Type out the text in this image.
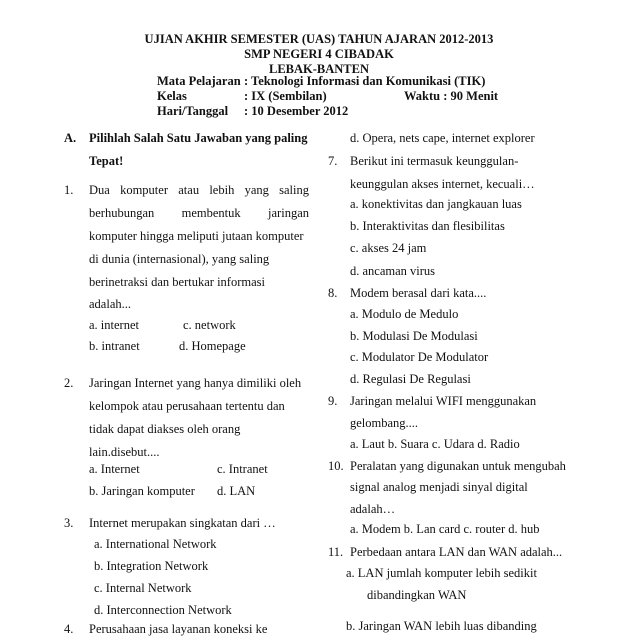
UJIAN AKHIR SEMESTER (UAS) TAHUN AJARAN 2012-2013
SMP NEGERI 4 CIBADAK
LEBAK-BANTEN
Mata Pelajaran : Teknologi Informasi dan Komunikasi (TIK)
Kelas	: IX (Sembilan)	Waktu : 90 Menit
Hari/Tanggal : 10 Desember 2012
A. Pilihlah Salah Satu Jawaban yang paling
Tepat!
1. Dua komputer atau lebih yang saling
berhubungan membentuk jaringan
komputer hingga meliputi jutaan komputer
di dunia (internasional), yang saling
berinetraksi dan bertukar informasi
adalah...
a. internet	c. network
b. intranet	d. Homepage
2. Jaringan Internet yang hanya dimiliki oleh
kelompok atau perusahaan tertentu dan
tidak dapat diakses oleh orang
lain.disebut....
a. Internet	c. Intranet
b. Jaringan komputer d. LAN
3. Internet merupakan singkatan dari …
a. International Network
b. Integration Network
c. Internal Network
d. Interconnection Network
4. Perusahaan jasa layanan koneksi ke
d. Opera, nets cape, internet explorer
7. Berikut ini termasuk keunggulan-
keunggulan akses internet, kecuali…
a. konektivitas dan jangkauan luas
b. Interaktivitas dan flesibilitas
c. akses 24 jam
d. ancaman virus
8. Modem berasal dari kata....
a. Modulo de Medulo
b. Modulasi De Modulasi
c. Modulator De Modulator
d. Regulasi De Regulasi
9. Jaringan melalui WIFI menggunakan
gelombang....
a. Laut b. Suara c. Udara d. Radio
10. Peralatan yang digunakan untuk mengubah
signal analog menjadi sinyal digital
adalah…
a. Modem b. Lan card c. router d. hub
11. Perbedaan antara LAN dan WAN adalah...
a. LAN jumlah komputer lebih sedikit
dibandingkan WAN
b. Jaringan WAN lebih luas dibanding
